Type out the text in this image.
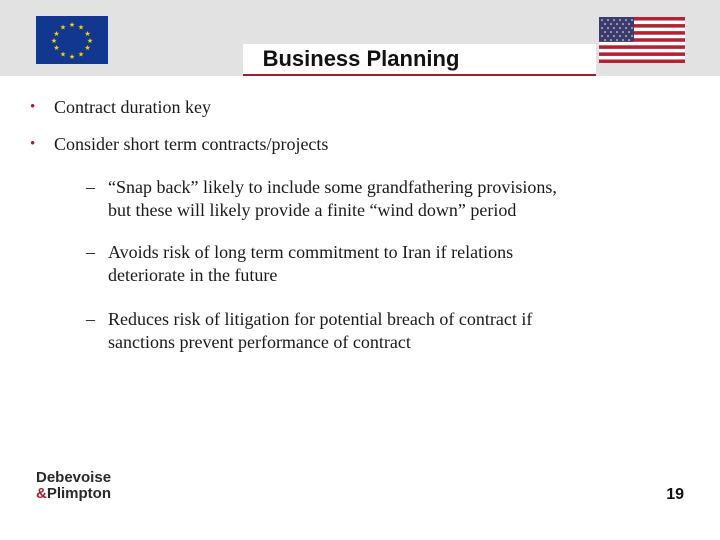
★ ★
★
★
★
★
★
★
★
★
★
★
Business Planning
• Contract duration key
• Consider short term contracts/projects
– “Snap back” likely to include some grandfathering provisions,
but these will likely provide a finite “wind down” period
– Avoids risk of long term commitment to Iran if relations
deteriorate in the future
– Reduces risk of litigation for potential breach of contract if
sanctions prevent performance of contract
Debevoise
&Plimpton	19
